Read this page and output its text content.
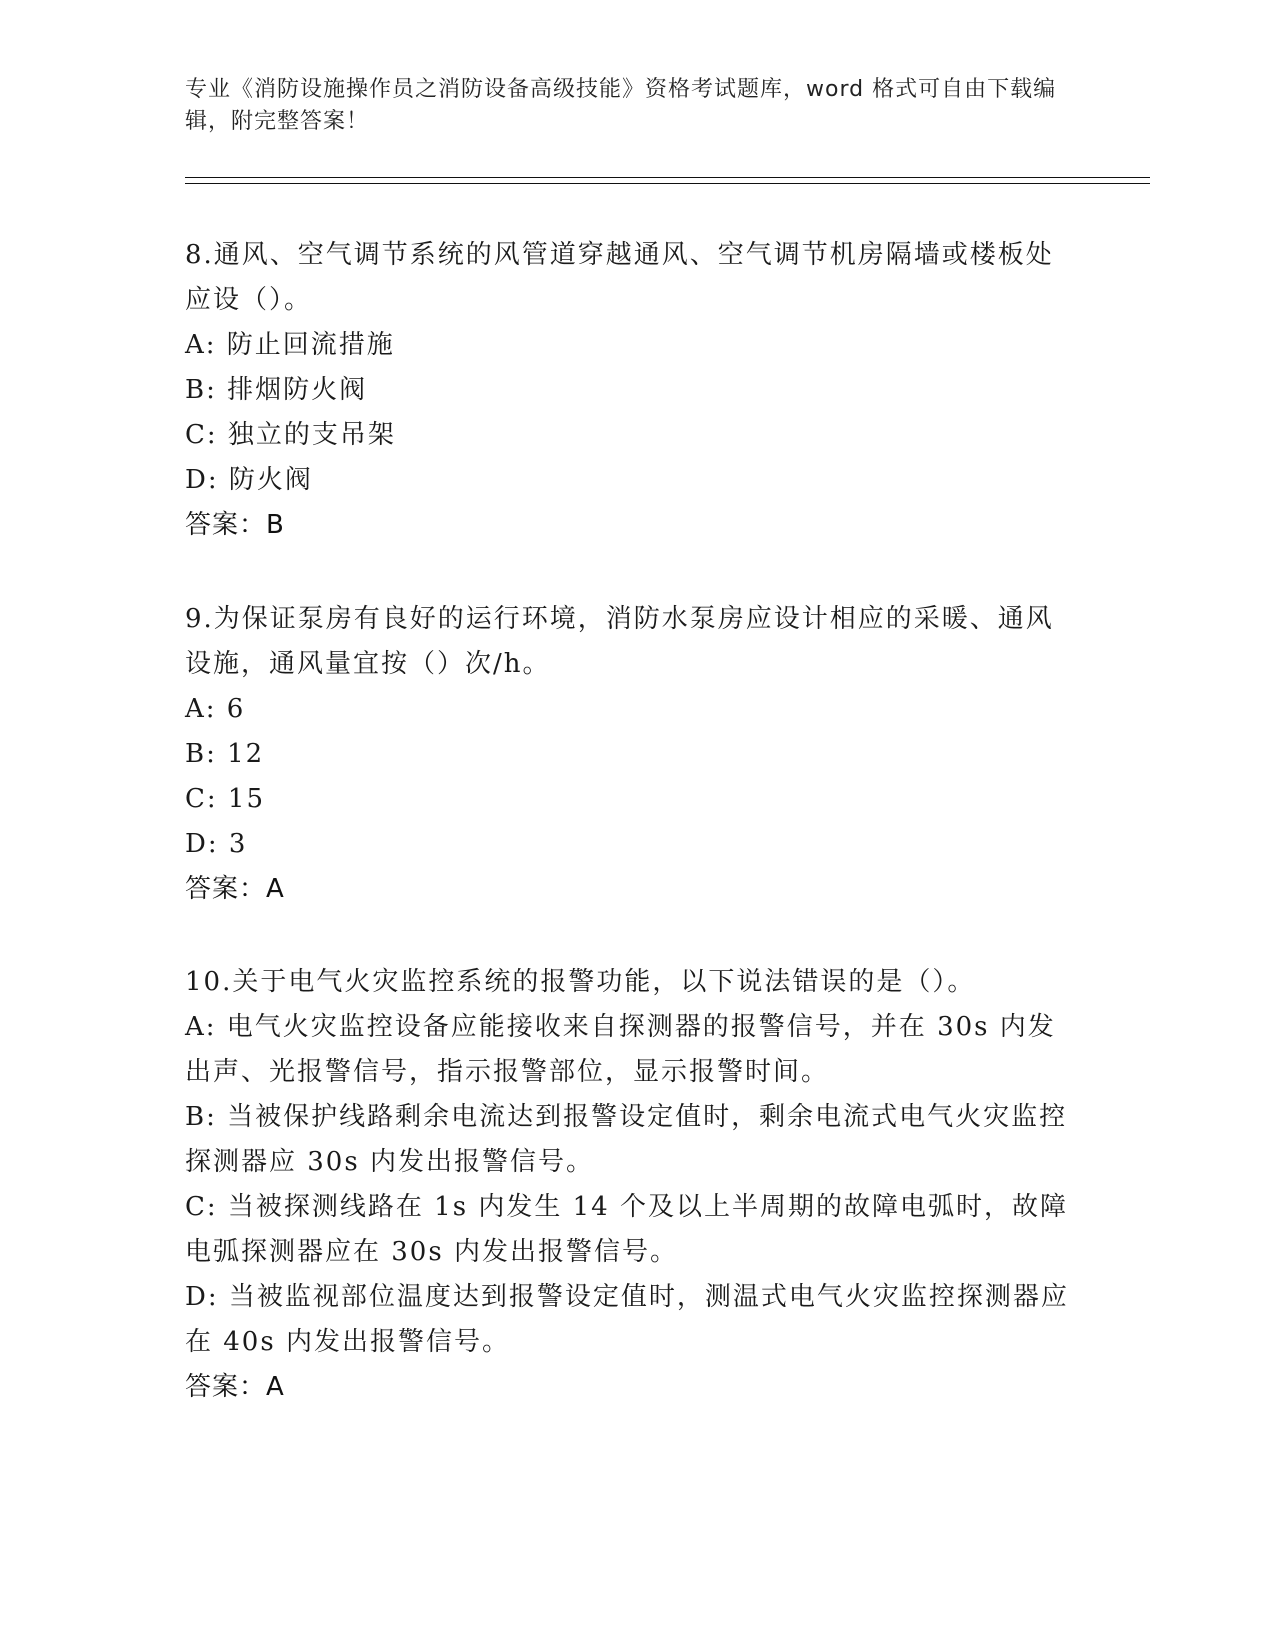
专业《消防设施操作员之消防设备高级技能》资格考试题库，word 格式可自由下载编辑，附完整答案！
8.通风、空气调节系统的风管道穿越通风、空气调节机房隔墙或楼板处应设（）。
A: 防止回流措施
B: 排烟防火阀
C: 独立的支吊架
D: 防火阀
答案：B
9.为保证泵房有良好的运行环境，消防水泵房应设计相应的采暖、通风设施，通风量宜按（）次/h。
A: 6
B: 12
C: 15
D: 3
答案：A
10.关于电气火灾监控系统的报警功能，以下说法错误的是（）。
A: 电气火灾监控设备应能接收来自探测器的报警信号，并在 30s 内发出声、光报警信号，指示报警部位，显示报警时间。
B: 当被保护线路剩余电流达到报警设定值时，剩余电流式电气火灾监控探测器应 30s 内发出报警信号。
C: 当被探测线路在 1s 内发生 14 个及以上半周期的故障电弧时，故障电弧探测器应在 30s 内发出报警信号。
D: 当被监视部位温度达到报警设定值时，测温式电气火灾监控探测器应在 40s 内发出报警信号。
答案：A
